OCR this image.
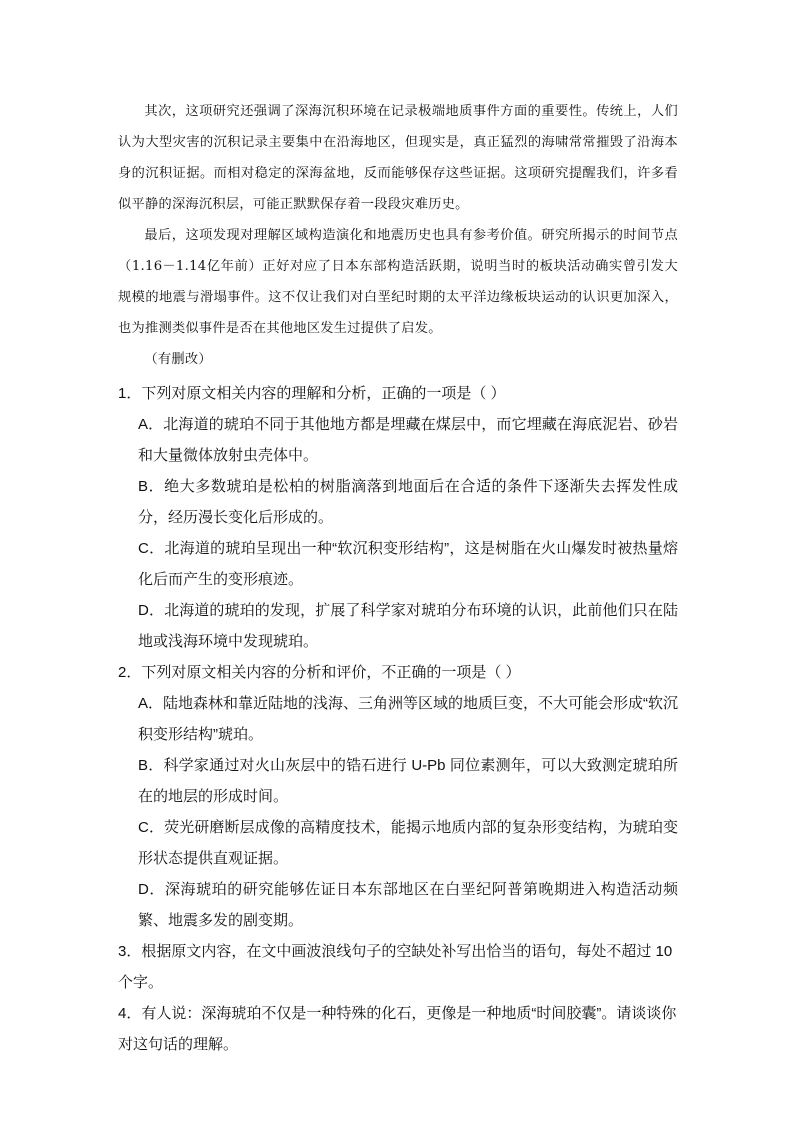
其次，这项研究还强调了深海沉积环境在记录极端地质事件方面的重要性。传统上，人们认为大型灾害的沉积记录主要集中在沿海地区，但现实是，真正猛烈的海啸常常摧毁了沿海本身的沉积证据。而相对稳定的深海盆地，反而能够保存这些证据。这项研究提醒我们，许多看似平静的深海沉积层，可能正默默保存着一段段灾难历史。

最后，这项发现对理解区域构造演化和地震历史也具有参考价值。研究所揭示的时间节点（1.16－1.14亿年前）正好对应了日本东部构造活跃期，说明当时的板块活动确实曾引发大规模的地震与滑塌事件。这不仅让我们对白垩纪时期的太平洋边缘板块运动的认识更加深入，也为推测类似事件是否在其他地区发生过提供了启发。

（有删改）

1．下列对原文相关内容的理解和分析，正确的一项是（ ）

A．北海道的琥珀不同于其他地方都是埋藏在煤层中，而它埋藏在海底泥岩、砂岩和大量微体放射虫壳体中。

B．绝大多数琥珀是松柏的树脂滴落到地面后在合适的条件下逐渐失去挥发性成分，经历漫长变化后形成的。

C．北海道的琥珀呈现出一种“软沉积变形结构”，这是树脂在火山爆发时被热量熔化后而产生的变形痕迹。

D．北海道的琥珀的发现，扩展了科学家对琥珀分布环境的认识，此前他们只在陆地或浅海环境中发现琥珀。

2．下列对原文相关内容的分析和评价，不正确的一项是（ ）

A．陆地森林和靠近陆地的浅海、三角洲等区域的地质巨变，不大可能会形成“软沉积变形结构”琥珀。

B．科学家通过对火山灰层中的锆石进行 U-Pb 同位素测年，可以大致测定琥珀所在的地层的形成时间。

C．荧光研磨断层成像的高精度技术，能揭示地质内部的复杂形变结构，为琥珀变形状态提供直观证据。

D．深海琥珀的研究能够佐证日本东部地区在白垩纪阿普第晚期进入构造活动频繁、地震多发的剧变期。

3．根据原文内容，在文中画波浪线句子的空缺处补写出恰当的语句，每处不超过 10 个字。

4．有人说：深海琥珀不仅是一种特殊的化石，更像是一种地质“时间胶囊”。请谈谈你对这句话的理解。
